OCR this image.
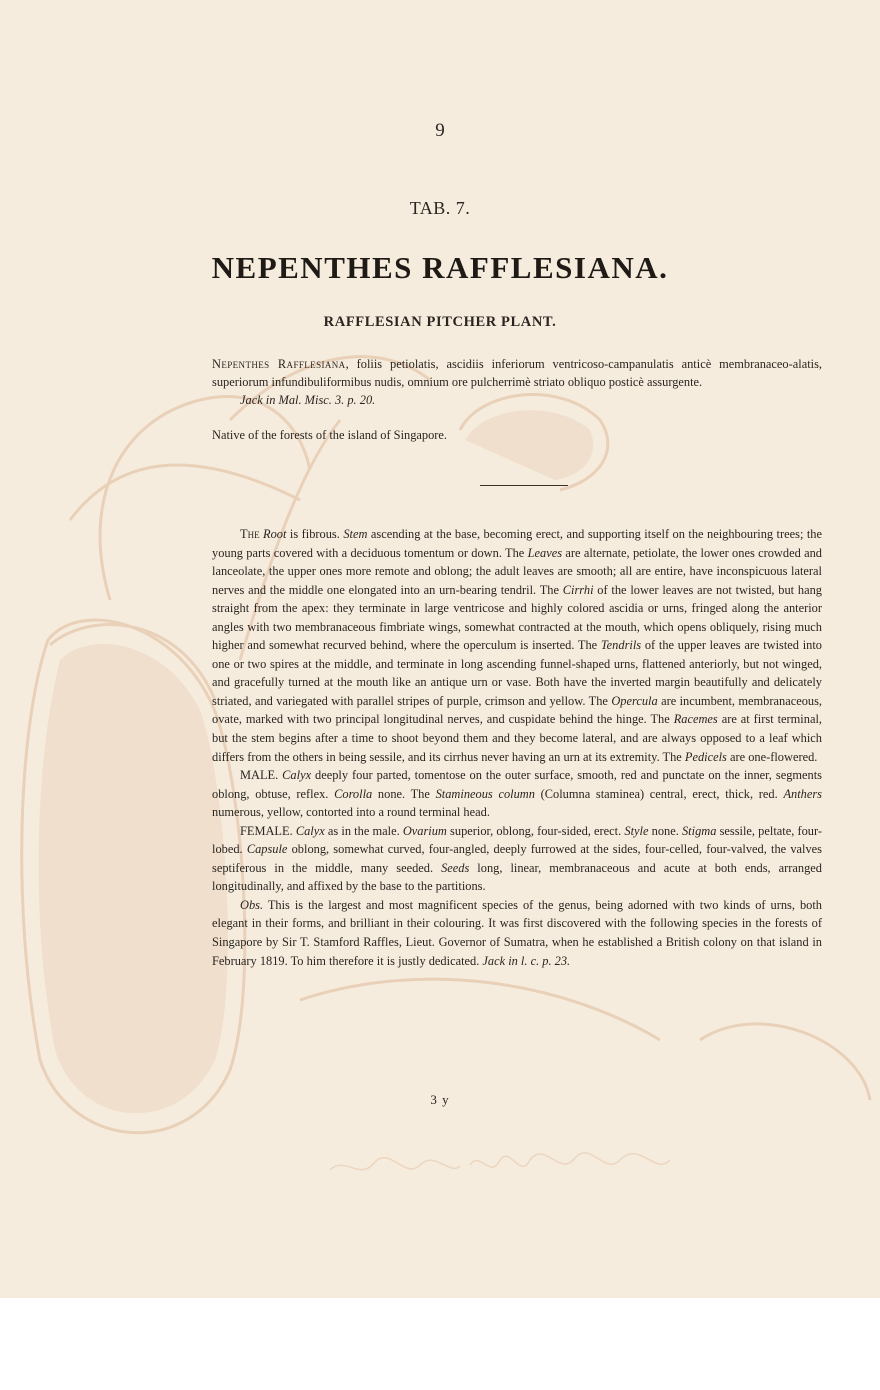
9
TAB. 7.
NEPENTHES RAFFLESIANA.
RAFFLESIAN PITCHER PLANT.
Nepenthes Rafflesiana, foliis petiolatis, ascidiis inferiorum ventricoso-campanulatis anticè membranaceo-alatis, superiorum infundibuliformibus nudis, omnium ore pulcherrimè striato obliquo posticè assurgente.
Jack in Mal. Misc. 3. p. 20.
Native of the forests of the island of Singapore.

The Root is fibrous. Stem ascending at the base, becoming erect, and supporting itself on the neighbouring trees; the young parts covered with a deciduous tomentum or down. The Leaves are alternate, petiolate, the lower ones crowded and lanceolate, the upper ones more remote and oblong; the adult leaves are smooth; all are entire, have inconspicuous lateral nerves and the middle one elongated into an urn-bearing tendril. The Cirrhi of the lower leaves are not twisted, but hang straight from the apex: they terminate in large ventricose and highly colored ascidia or urns, fringed along the anterior angles with two membranaceous fimbriate wings, somewhat contracted at the mouth, which opens obliquely, rising much higher and somewhat recurved behind, where the operculum is inserted. The Tendrils of the upper leaves are twisted into one or two spires at the middle, and terminate in long ascending funnel-shaped urns, flattened anteriorly, but not winged, and gracefully turned at the mouth like an antique urn or vase. Both have the inverted margin beautifully and delicately striated, and variegated with parallel stripes of purple, crimson and yellow. The Opercula are incumbent, membranaceous, ovate, marked with two principal longitudinal nerves, and cuspidate behind the hinge. The Racemes are at first terminal, but the stem begins after a time to shoot beyond them and they become lateral, and are always opposed to a leaf which differs from the others in being sessile, and its cirrhus never having an urn at its extremity. The Pedicels are one-flowered.

MALE. Calyx deeply four parted, tomentose on the outer surface, smooth, red and punctate on the inner, segments oblong, obtuse, reflex. Corolla none. The Stamineous column (Columna staminea) central, erect, thick, red. Anthers numerous, yellow, contorted into a round terminal head.

FEMALE. Calyx as in the male. Ovarium superior, oblong, four-sided, erect. Style none. Stigma sessile, peltate, four-lobed. Capsule oblong, somewhat curved, four-angled, deeply furrowed at the sides, four-celled, four-valved, the valves septiferous in the middle, many seeded. Seeds long, linear, membranaceous and acute at both ends, arranged longitudinally, and affixed by the base to the partitions.

Obs. This is the largest and most magnificent species of the genus, being adorned with two kinds of urns, both elegant in their forms, and brilliant in their colouring. It was first discovered with the following species in the forests of Singapore by Sir T. Stamford Raffles, Lieut. Governor of Sumatra, when he established a British colony on that island in February 1819. To him therefore it is justly dedicated. Jack in l. c. p. 23.

3 y
